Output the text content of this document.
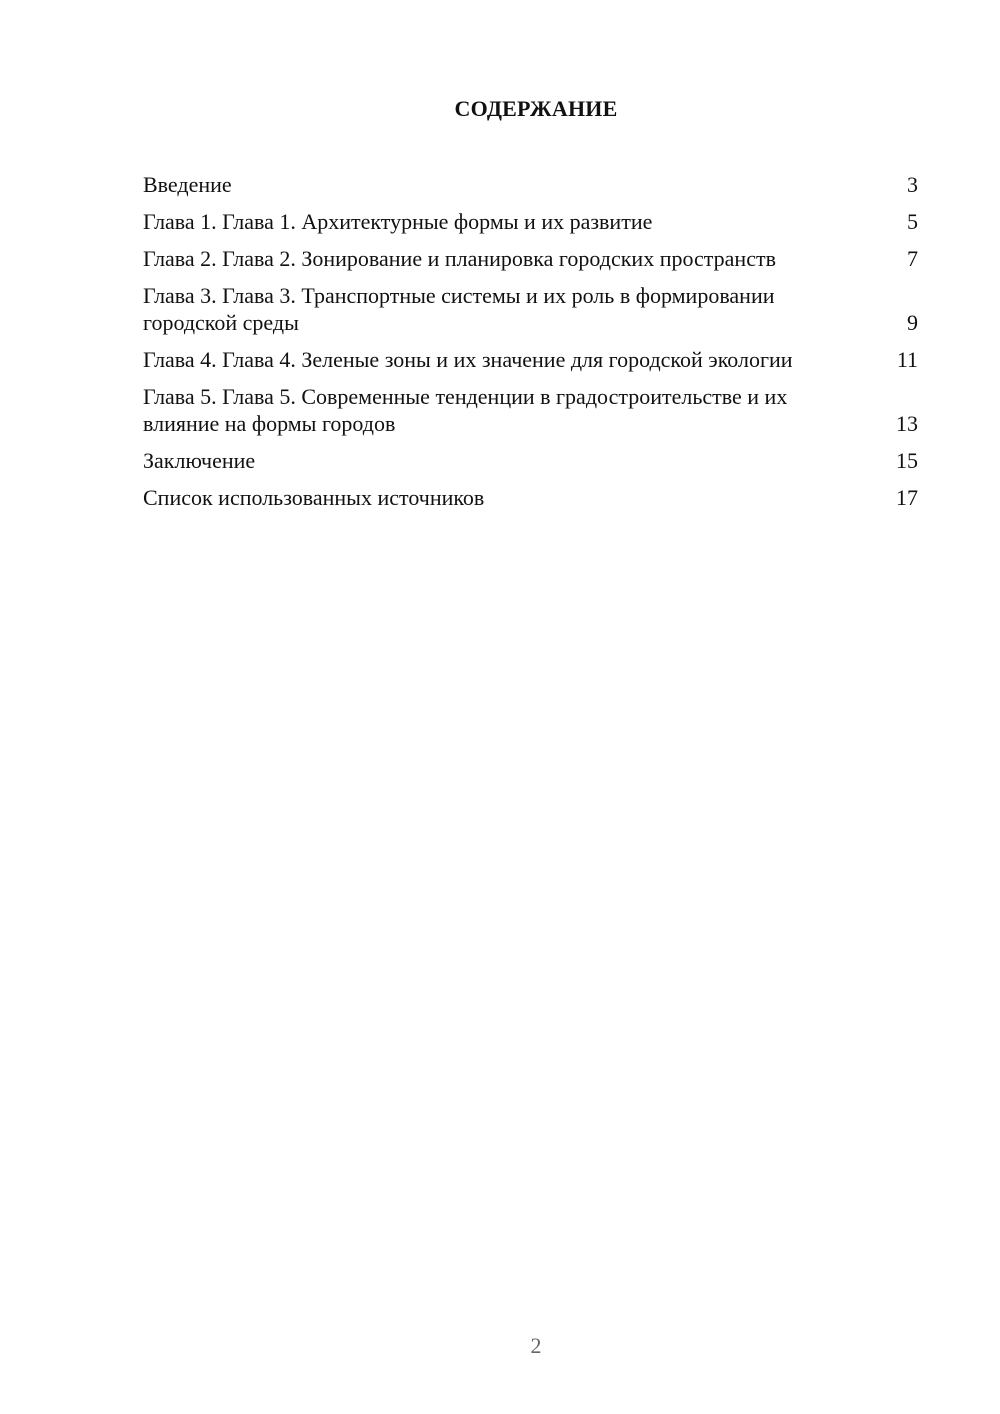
СОДЕРЖАНИЕ
Введение	3
Глава 1. Глава 1. Архитектурные формы и их развитие	5
Глава 2. Глава 2. Зонирование и планировка городских пространств	7
Глава 3. Глава 3. Транспортные системы и их роль в формировании городской среды	9
Глава 4. Глава 4. Зеленые зоны и их значение для городской экологии	11
Глава 5. Глава 5. Современные тенденции в градостроительстве и их влияние на формы городов	13
Заключение	15
Список использованных источников	17
2
